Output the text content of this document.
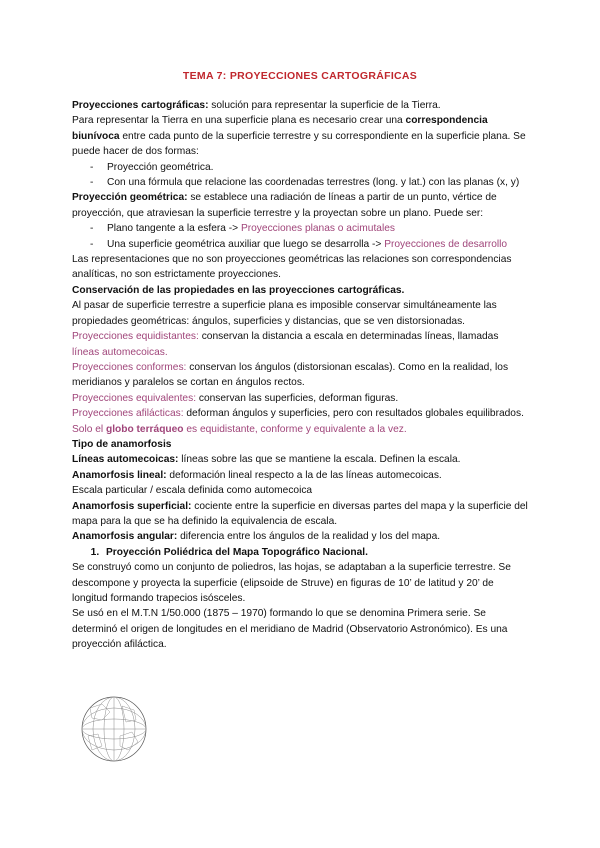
TEMA 7: PROYECCIONES CARTOGRÁFICAS

Proyecciones cartográficas: solución para representar la superficie de la Tierra.

Para representar la Tierra en una superficie plana es necesario crear una correspondencia biunívoca entre cada punto de la superficie terrestre y su correspondiente en la superficie plana. Se puede hacer de dos formas:

- Proyección geométrica.
- Con una fórmula que relacione las coordenadas terrestres (long. y lat.) con las planas (x, y)

Proyección geométrica: se establece una radiación de líneas a partir de un punto, vértice de proyección, que atraviesan la superficie terrestre y la proyectan sobre un plano. Puede ser:

- Plano tangente a la esfera -> Proyecciones planas o acimutales
- Una superficie geométrica auxiliar que luego se desarrolla -> Proyecciones de desarrollo

Las representaciones que no son proyecciones geométricas las relaciones son correspondencias analíticas, no son estrictamente proyecciones.

Conservación de las propiedades en las proyecciones cartográficas.

Al pasar de superficie terrestre a superficie plana es imposible conservar simultáneamente las propiedades geométricas: ángulos, superficies y distancias, que se ven distorsionadas.

Proyecciones equidistantes: conservan la distancia a escala en determinadas líneas, llamadas líneas automecoicas.

Proyecciones conformes: conservan los ángulos (distorsionan escalas). Como en la realidad, los meridianos y paralelos se cortan en ángulos rectos.

Proyecciones equivalentes: conservan las superficies, deforman figuras.

Proyecciones afilácticas: deforman ángulos y superficies, pero con resultados globales equilibrados.

Solo el globo terráqueo es equidistante, conforme y equivalente a la vez.

Tipo de anamorfosis

Líneas automecoicas: líneas sobre las que se mantiene la escala. Definen la escala.

Anamorfosis lineal: deformación lineal respecto a la de las líneas automecoicas.

Escala particular / escala definida como automecoica

Anamorfosis superficial: cociente entre la superficie en diversas partes del mapa y la superficie del mapa para la que se ha definido la equivalencia de escala.

Anamorfosis angular: diferencia entre los ángulos de la realidad y los del mapa.

1. Proyección Poliédrica del Mapa Topográfico Nacional.

Se construyó como un conjunto de poliedros, las hojas, se adaptaban a la superficie terrestre. Se descompone y proyecta la superficie (elipsoide de Struve) en figuras de 10’ de latitud y 20’ de longitud formando trapecios isósceles.

Se usó en el M.T.N 1/50.000 (1875 – 1970) formando lo que se denomina Primera serie. Se determinó el origen de longitudes en el meridiano de Madrid (Observatorio Astronómico). Es una proyección afiláctica.
